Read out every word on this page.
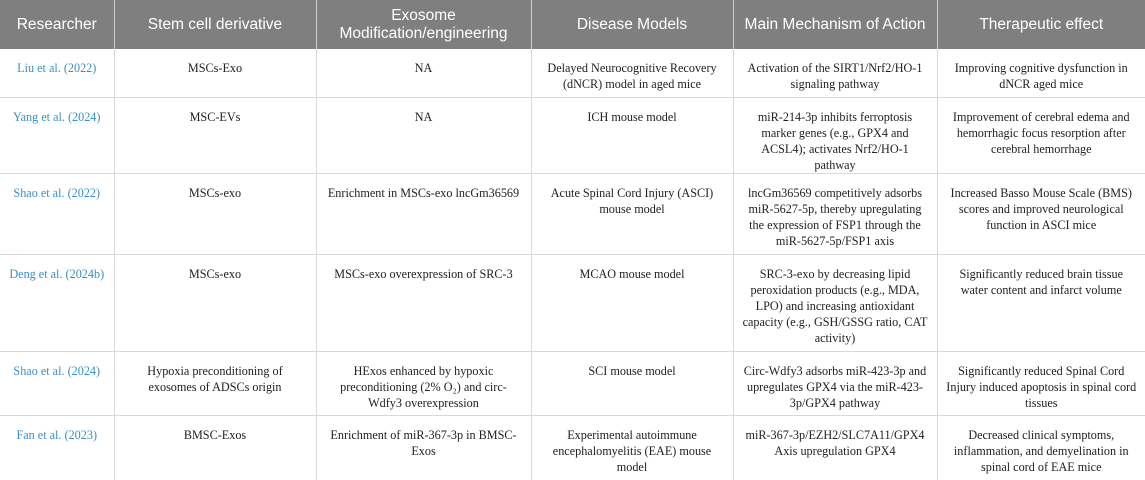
Researcher	Stem cell derivative	Exosome Modification/engineering	Disease Models	Main Mechanism of Action	Therapeutic effect
Liu et al. (2022)	MSCs-Exo	NA	Delayed Neurocognitive Recovery (dNCR) model in aged mice	Activation of the SIRT1/Nrf2/HO-1 signaling pathway	Improving cognitive dysfunction in dNCR aged mice
Yang et al. (2024)	MSC-EVs	NA	ICH mouse model	miR-214-3p inhibits ferroptosis marker genes (e.g., GPX4 and ACSL4); activates Nrf2/HO-1 pathway	Improvement of cerebral edema and hemorrhagic focus resorption after cerebral hemorrhage
Shao et al. (2022)	MSCs-exo	Enrichment in MSCs-exo lncGm36569	Acute Spinal Cord Injury (ASCI) mouse model	lncGm36569 competitively adsorbs miR-5627-5p, thereby upregulating the expression of FSP1 through the miR-5627-5p/FSP1 axis	Increased Basso Mouse Scale (BMS) scores and improved neurological function in ASCI mice
Deng et al. (2024b)	MSCs-exo	MSCs-exo overexpression of SRC-3	MCAO mouse model	SRC-3-exo by decreasing lipid peroxidation products (e.g., MDA, LPO) and increasing antioxidant capacity (e.g., GSH/GSSG ratio, CAT activity)	Significantly reduced brain tissue water content and infarct volume
Shao et al. (2024)	Hypoxia preconditioning of exosomes of ADSCs origin	HExos enhanced by hypoxic preconditioning (2% O₂) and circ-Wdfy3 overexpression	SCI mouse model	Circ-Wdfy3 adsorbs miR-423-3p and upregulates GPX4 via the miR-423-3p/GPX4 pathway	Significantly reduced Spinal Cord Injury induced apoptosis in spinal cord tissues
Fan et al. (2023)	BMSC-Exos	Enrichment of miR-367-3p in BMSC-Exos	Experimental autoimmune encephalomyelitis (EAE) mouse model	miR-367-3p/EZH2/SLC7A11/GPX4 Axis upregulation GPX4	Decreased clinical symptoms, inflammation, and demyelination in spinal cord of EAE mice
